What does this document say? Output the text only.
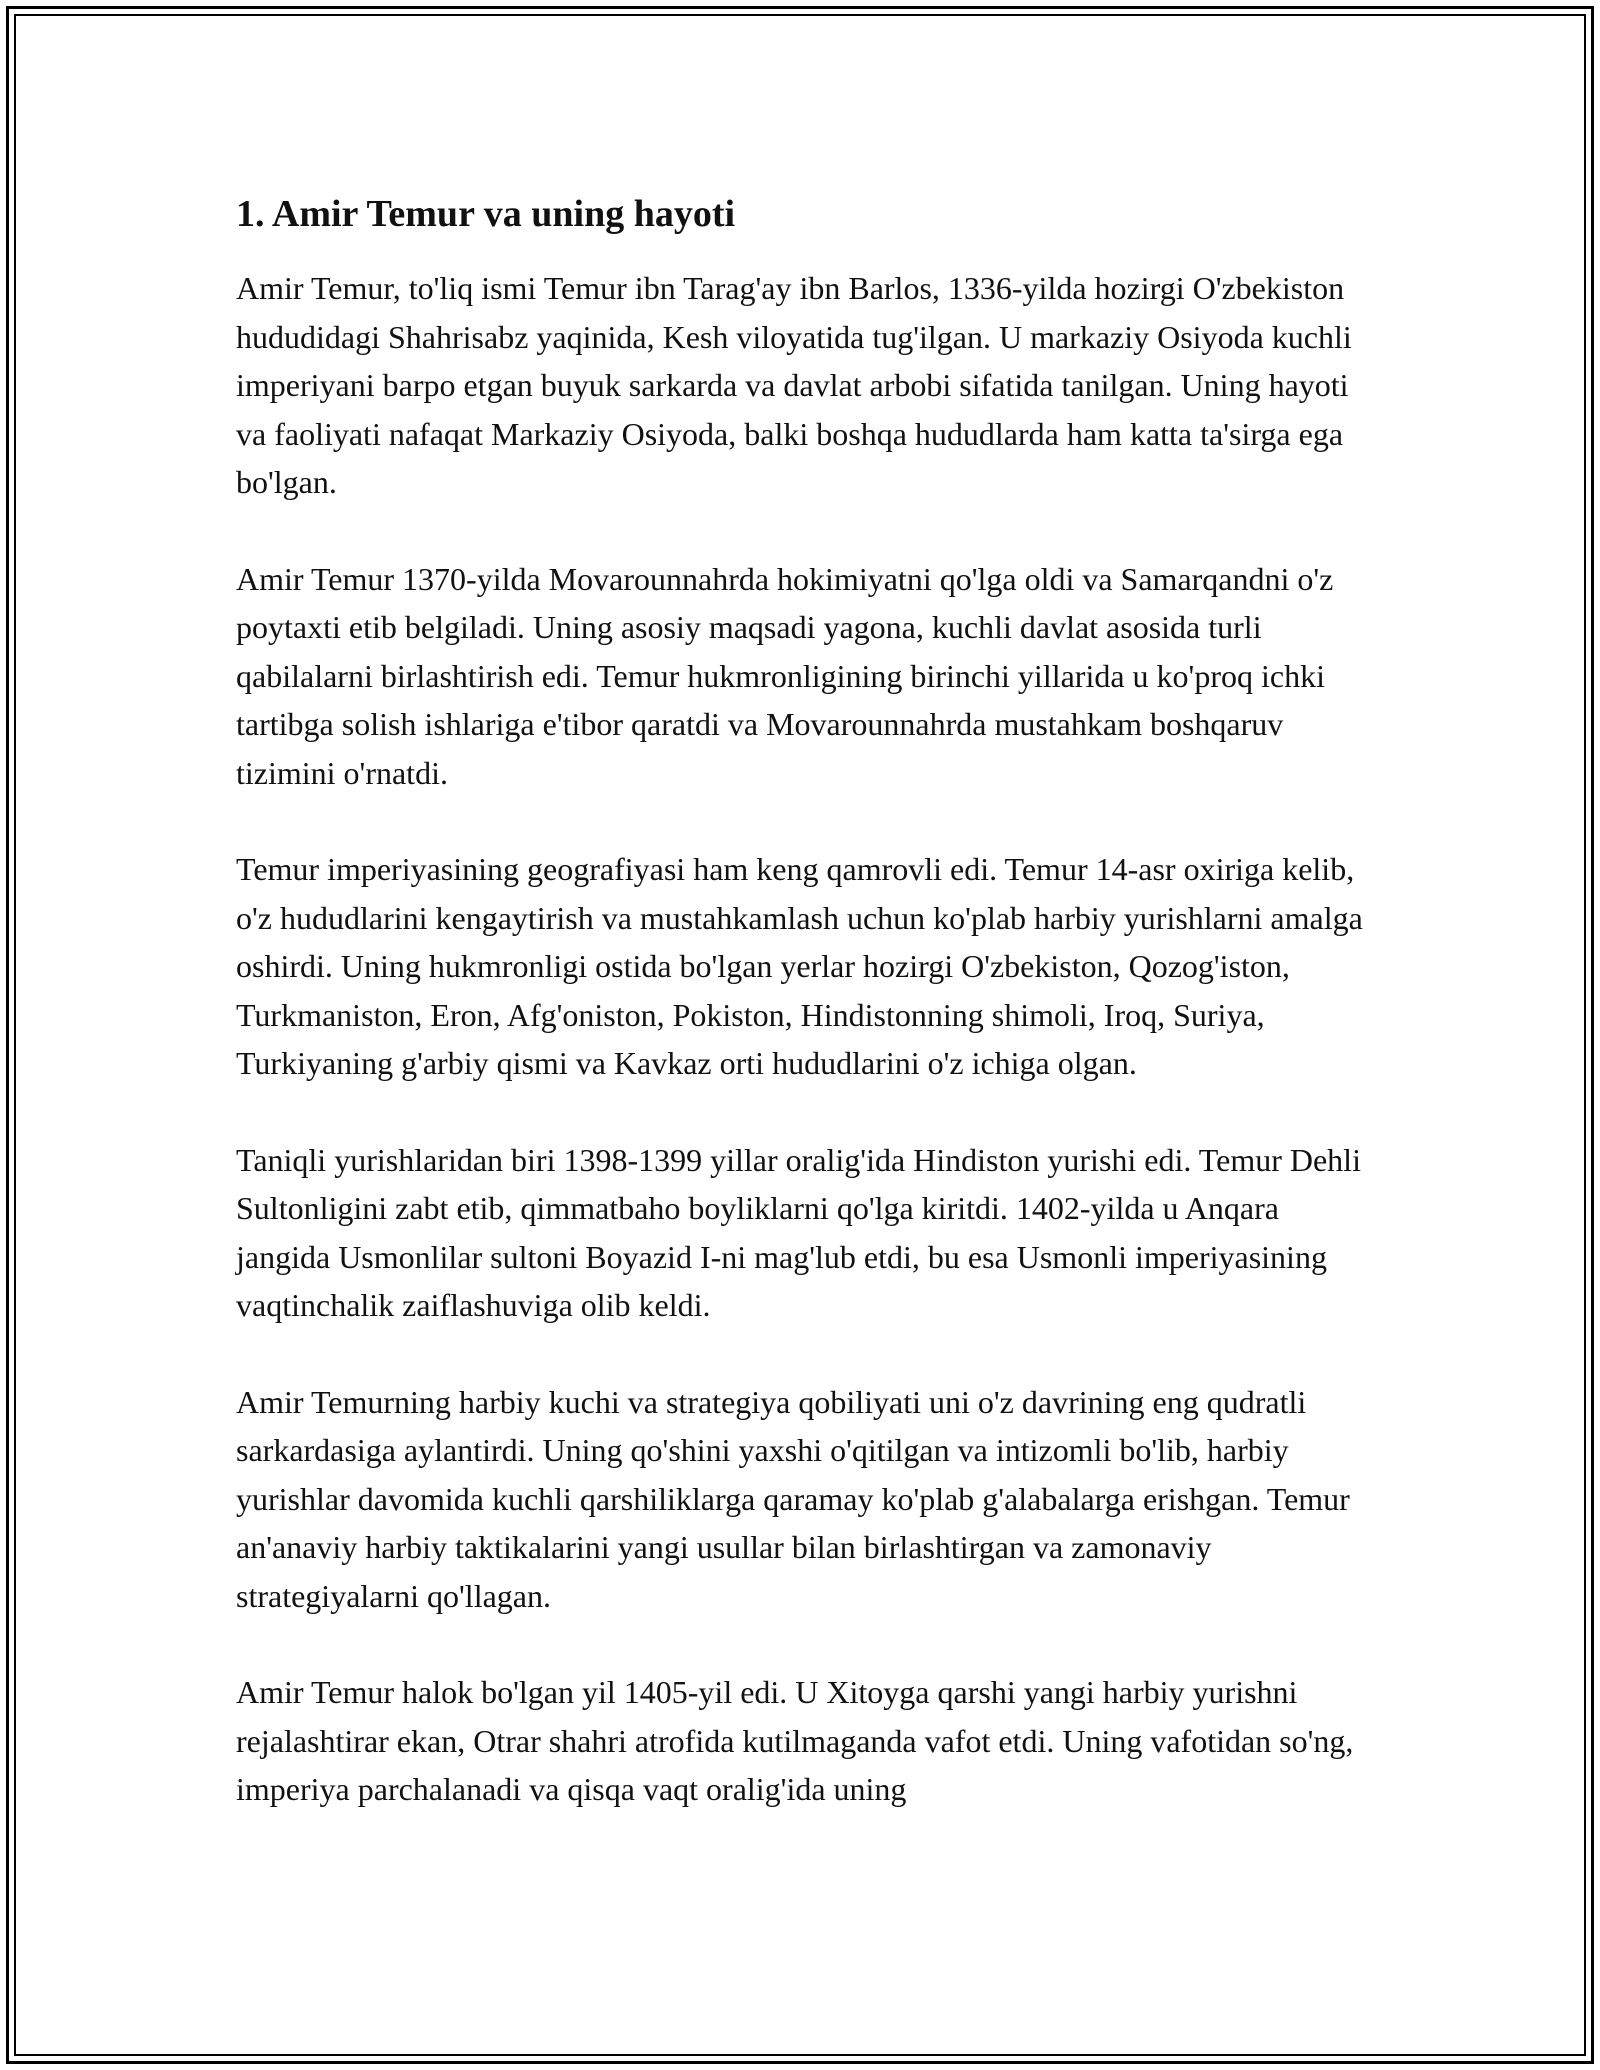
1. Amir Temur va uning hayoti

Amir Temur, to'liq ismi Temur ibn Tarag'ay ibn Barlos, 1336-yilda hozirgi O'zbekiston hududidagi Shahrisabz yaqinida, Kesh viloyatida tug'ilgan. U markaziy Osiyoda kuchli imperiyani barpo etgan buyuk sarkarda va davlat arbobi sifatida tanilgan. Uning hayoti va faoliyati nafaqat Markaziy Osiyoda, balki boshqa hududlarda ham katta ta'sirga ega bo'lgan.

Amir Temur 1370-yilda Movarounnahrda hokimiyatni qo'lga oldi va Samarqandni o'z poytaxti etib belgiladi. Uning asosiy maqsadi yagona, kuchli davlat asosida turli qabilalarni birlashtirish edi. Temur hukmronligining birinchi yillarida u ko'proq ichki tartibga solish ishlariga e'tibor qaratdi va Movarounnahrda mustahkam boshqaruv tizimini o'rnatdi.

Temur imperiyasining geografiyasi ham keng qamrovli edi. Temur 14-asr oxiriga kelib, o'z hududlarini kengaytirish va mustahkamlash uchun ko'plab harbiy yurishlarni amalga oshirdi. Uning hukmronligi ostida bo'lgan yerlar hozirgi O'zbekiston, Qozog'iston, Turkmaniston, Eron, Afg'oniston, Pokiston, Hindistonning shimoli, Iroq, Suriya, Turkiyaning g'arbiy qismi va Kavkaz orti hududlarini o'z ichiga olgan.

Taniqli yurishlaridan biri 1398-1399 yillar oralig'ida Hindiston yurishi edi. Temur Dehli Sultonligini zabt etib, qimmatbaho boyliklarni qo'lga kiritdi. 1402-yilda u Anqara jangida Usmonlilar sultoni Boyazid I-ni mag'lub etdi, bu esa Usmonli imperiyasining vaqtinchalik zaiflashuviga olib keldi.

Amir Temurning harbiy kuchi va strategiya qobiliyati uni o'z davrining eng qudratli sarkardasiga aylantirdi. Uning qo'shini yaxshi o'qitilgan va intizomli bo'lib, harbiy yurishlar davomida kuchli qarshiliklarga qaramay ko'plab g'alabalarga erishgan. Temur an'anaviy harbiy taktikalarini yangi usullar bilan birlashtirgan va zamonaviy strategiyalarni qo'llagan.

Amir Temur halok bo'lgan yil 1405-yil edi. U Xitoyga qarshi yangi harbiy yurishni rejalashtirar ekan, Otrar shahri atrofida kutilmaganda vafot etdi. Uning vafotidan so'ng, imperiya parchalanadi va qisqa vaqt oralig'ida uning
